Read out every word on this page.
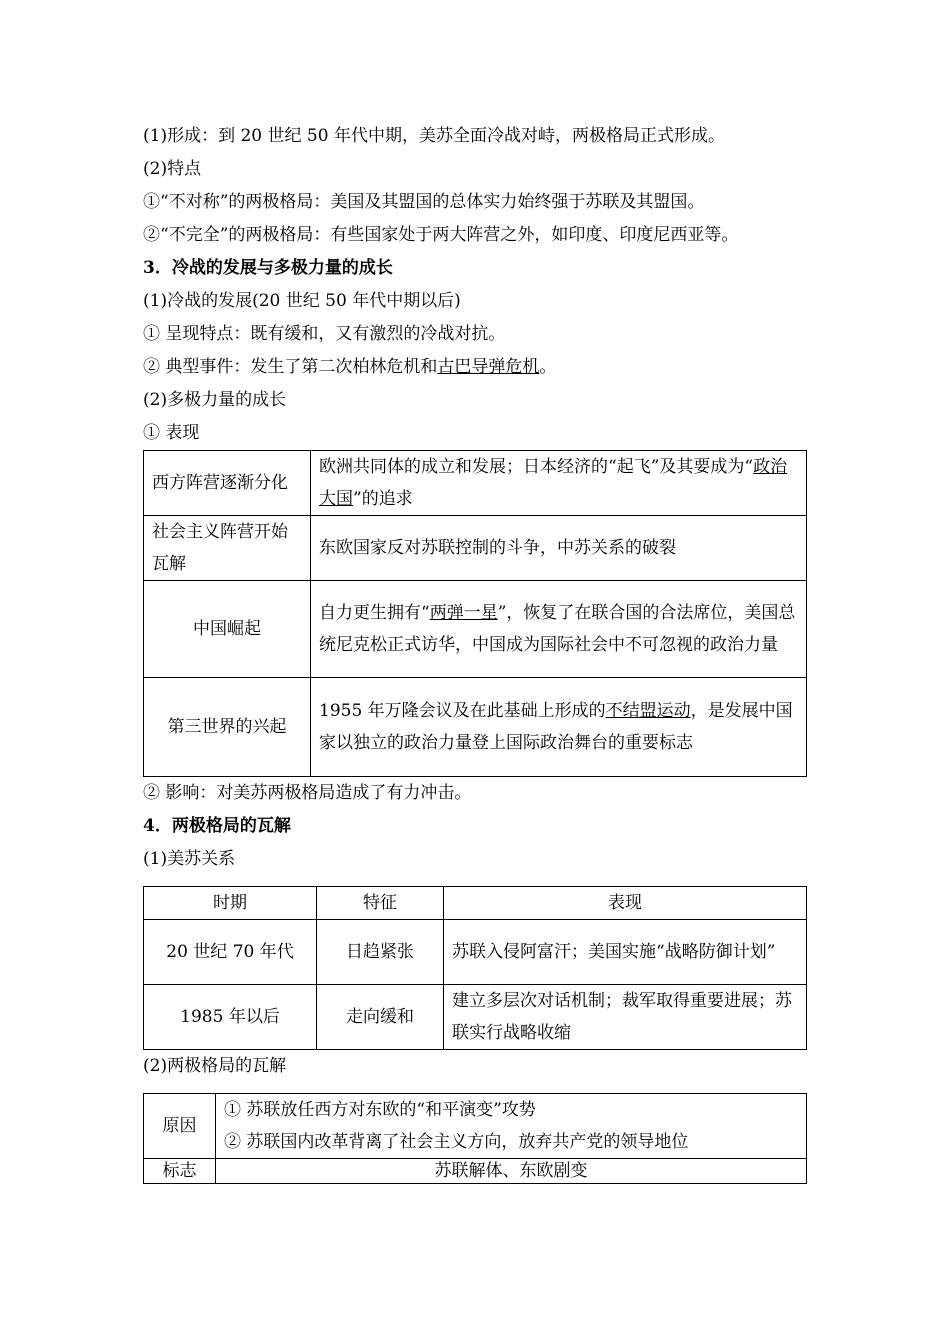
(1)形成：到 20 世纪 50 年代中期，美苏全面冷战对峙，两极格局正式形成。

(2)特点

①“不对称”的两极格局：美国及其盟国的总体实力始终强于苏联及其盟国。

②“不完全”的两极格局：有些国家处于两大阵营之外，如印度、印度尼西亚等。

3．冷战的发展与多极力量的成长

(1)冷战的发展(20 世纪 50 年代中期以后)

① 呈现特点：既有缓和，又有激烈的冷战对抗。

② 典型事件：发生了第二次柏林危机和古巴导弹危机。

(2)多极力量的成长

① 表现

西方阵营逐渐分化	欧洲共同体的成立和发展；日本经济的“起飞”及其要成为“政治大国”的追求
社会主义阵营开始瓦解	东欧国家反对苏联控制的斗争，中苏关系的破裂
中国崛起	自力更生拥有“两弹一星”，恢复了在联合国的合法席位，美国总统尼克松正式访华，中国成为国际社会中不可忽视的政治力量
第三世界的兴起	1955 年万隆会议及在此基础上形成的不结盟运动，是发展中国家以独立的政治力量登上国际政治舞台的重要标志

② 影响：对美苏两极格局造成了有力冲击。

4．两极格局的瓦解

(1)美苏关系

时期	特征	表现
20 世纪 70 年代	日趋紧张	苏联入侵阿富汗；美国实施“战略防御计划”
1985 年以后	走向缓和	建立多层次对话机制；裁军取得重要进展；苏联实行战略收缩

(2)两极格局的瓦解

原因	① 苏联放任西方对东欧的“和平演变”攻势
② 苏联国内改革背离了社会主义方向，放弃共产党的领导地位

标志	苏联解体、东欧剧变
